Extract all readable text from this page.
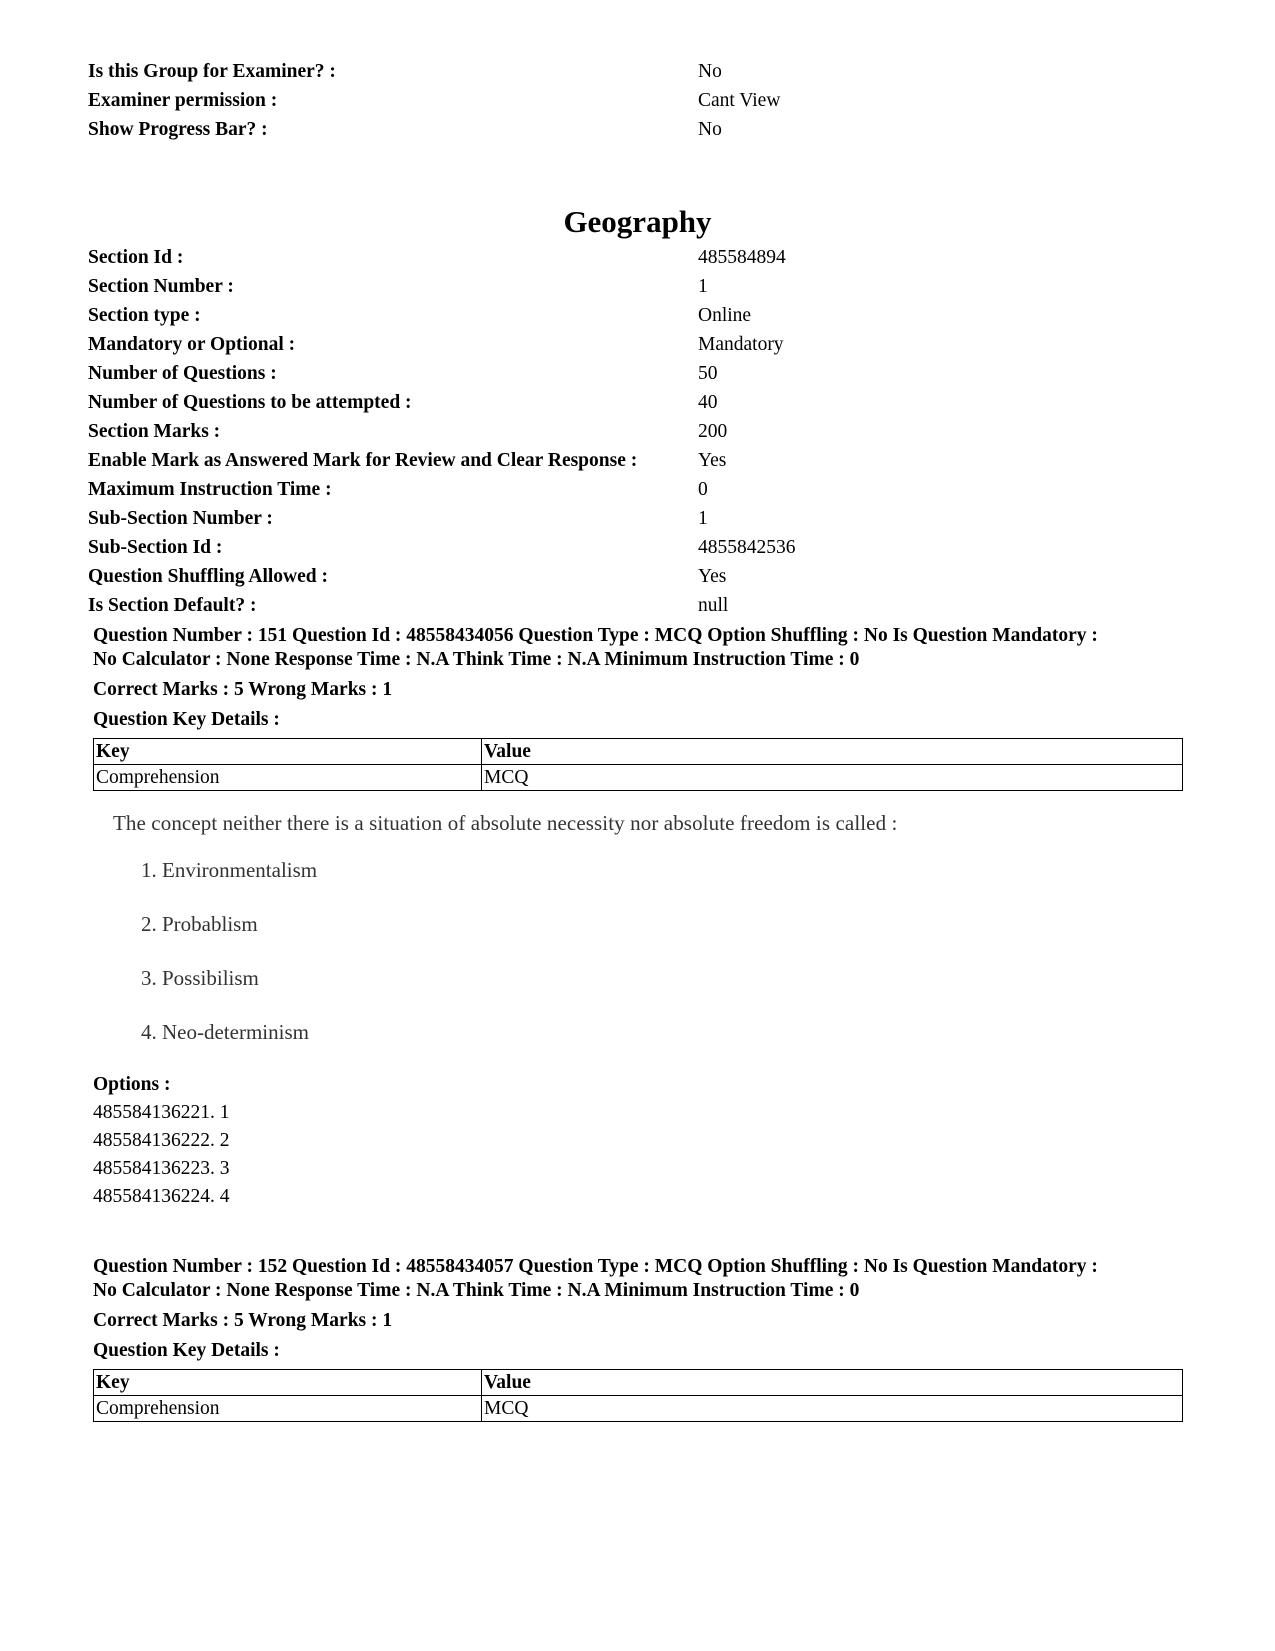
Is this Group for Examiner? :	No
Examiner permission :	Cant View
Show Progress Bar? :	No
Geography
Section Id :	485584894
Section Number :	1
Section type :	Online
Mandatory or Optional :	Mandatory
Number of Questions :	50
Number of Questions to be attempted :	40
Section Marks :	200
Enable Mark as Answered Mark for Review and Clear Response :	Yes
Maximum Instruction Time :	0
Sub-Section Number :	1
Sub-Section Id :	4855842536
Question Shuffling Allowed :	Yes
Is Section Default? :	null
Question Number : 151 Question Id : 48558434056 Question Type : MCQ Option Shuffling : No Is Question Mandatory :
No Calculator : None Response Time : N.A Think Time : N.A Minimum Instruction Time : 0
Correct Marks : 5 Wrong Marks : 1
Question Key Details :
Key	Value
Comprehension	MCQ
The concept neither there is a situation of absolute necessity nor absolute freedom is called :
1. Environmentalism
2. Probablism
3. Possibilism
4. Neo-determinism
Options :
485584136221. 1
485584136222. 2
485584136223. 3
485584136224. 4
Question Number : 152 Question Id : 48558434057 Question Type : MCQ Option Shuffling : No Is Question Mandatory :
No Calculator : None Response Time : N.A Think Time : N.A Minimum Instruction Time : 0
Correct Marks : 5 Wrong Marks : 1
Question Key Details :
Key	Value
Comprehension	MCQ
